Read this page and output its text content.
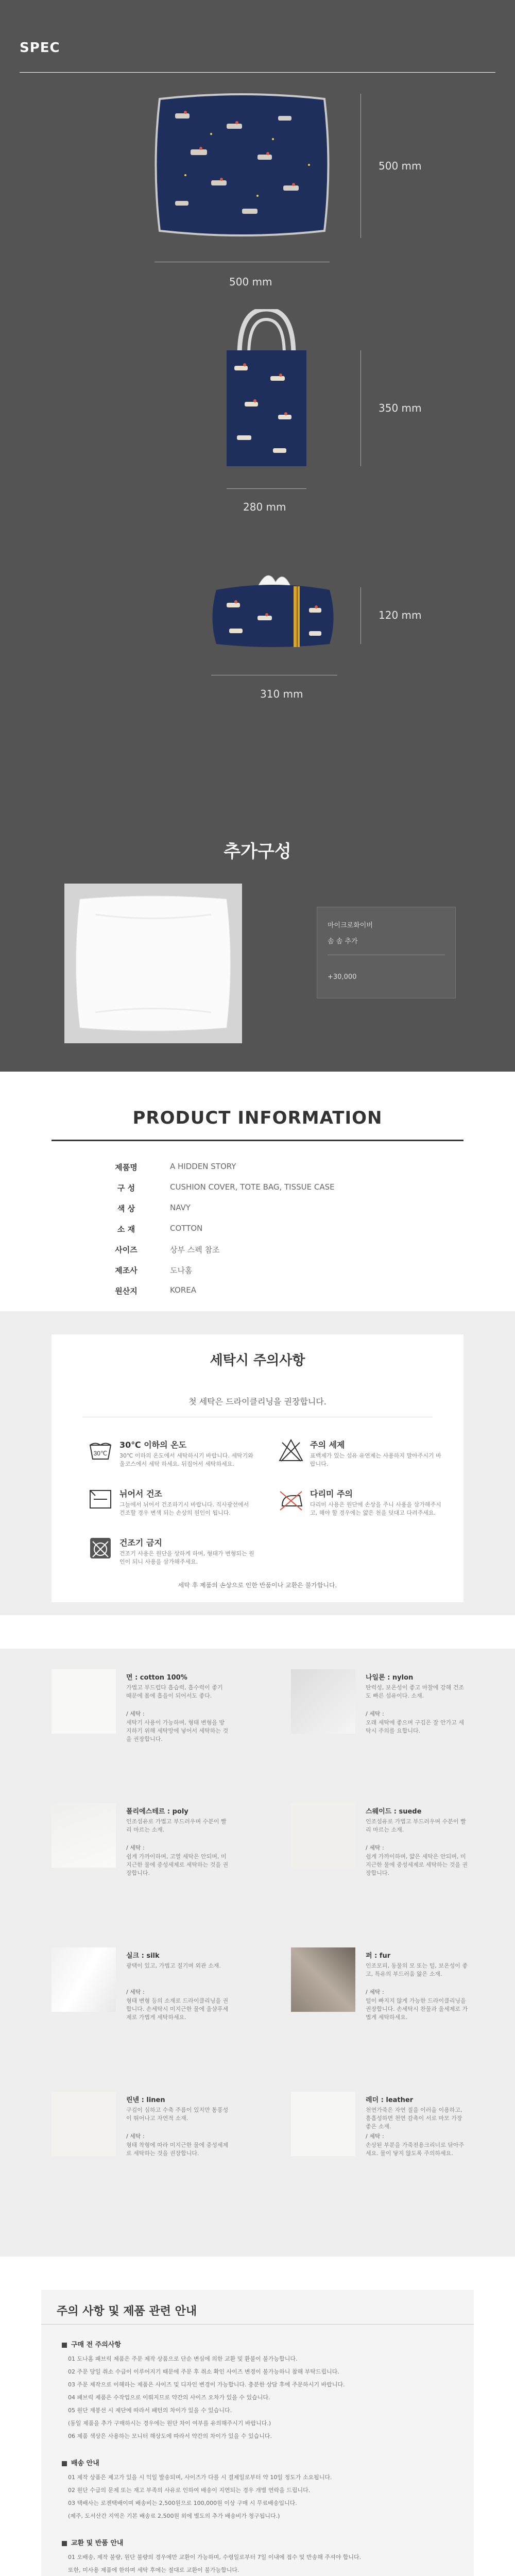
SPEC
500 mm
500 mm
350 mm
280 mm
120 mm
310 mm
추가구성
마이크로화이버
솜 솜 추가
+30,000
PRODUCT INFORMATION
제품명	A HIDDEN STORY
구 성	CUSHION COVER, TOTE BAG, TISSUE CASE
색 상	NAVY
소 재	COTTON
사이즈	상부 스펙 참조
제조사	도나홈
원산지	KOREA
세탁시 주의사항
첫 세탁은 드라이클리닝을 권장합니다.
30℃
30℃ 이하의 온도
30℃ 이하의 온도에서 세탁하시기 바랍니다. 세탁기와 울코스에서 세탁 하세요. 뒤집어서 세탁하세요.
주의 세제
표백제가 있는 섬유 유연제는 사용하지 말아주시기 바랍니다.
뉘어서 건조
그늘에서 뉘어서 건조하기시 바랍니다. 직사광선에서 건조할 경우 변색 되는 손상의 원인이 됩니다.
다리미 주의
다리미 사용은 원단에 손상을 주니 사용을 삼가해주시고, 해야 할 경우에는 얇은 천을 덧대고 다려주세요.
건조기 금지
건조기 사용은 원단을 상하게 하며, 형태가 변형되는 원인이 되니 사용을 삼가해주세요.
세탁 후 제품의 손상으로 인한 반품이나 교환은 불가합니다.
면 : cotton 100%
가볍고 부드럽다 흡습력, 흡수력이 좋기 때문에 몸에 흡을이 되어서도 좋다.
/ 세탁 :
세탁기 사용이 가능하며, 형태 변형을 방지하기 위해 세탁망에 넣어서 세탁하는 것을 권장합니다.
나일론 : nylon
탄력성, 보온성이 좋고 마찰에 강해 건조도 빠른 섬유이다. 소재.
/ 세탁 :
오래 세탁에 좋으며 구김은 잘 안가고 세탁시 주의를 요합니다.
폴리에스테르 : poly
인조섬유로 가볍고 부드러우며 수분이 빨리 마르는 소재.
/ 세탁 :
쉽게 가까이하며, 고열 세탁은 안되며, 미지근한 물에 중성세제로 세탁하는 것을 권장합니다.
스웨이드 : suede
인조섬유로 가볍고 부드러우며 수분이 빨리 마르는 소재.
/ 세탁 :
쉽게 가까이하며, 얇은 세탁은 안되며, 미지근한 물에 중성세제로 세탁하는 것을 권장합니다.
실크 : silk
광택이 있고, 가볍고 질기며 외관 소재.
/ 세탁 :
형태 변형 등의 소재로 드라이클리닝을 권합니다. 손세탁시 미지근한 물에 울샴푸세제로 가볍게 세탁하세요.
퍼 : fur
인조모피, 동물의 모 또는 털, 보온성이 좋고, 특유의 부드러움 앓은 소재.
/ 세탁 :
털이 빠지지 않게 가능한 드라이클리닝을 권장합니다. 손세탁시 찬물과 울세제로 가볍게 세탁하세요.
린넨 : linen
구김이 심하고 수축 주름이 있지만 통풍성이 뛰어나고 자연적 소재.
/ 세탁 :
형태 착형에 따라 미지근한 물에 중성세제로 세탁하는 것을 권장합니다.
레더 : leather
천연가죽은 자연 질을 이러올 이용하고, 흥흡성하면 천연 감촉이 서로 마모 가장 좋은 소재.
/ 세탁 :
손상된 부분을 가죽전용크리너로 닦아주세요. 물이 닿지 않도록 주의하세요.
주의 사항 및 제품 관련 안내
구매 전 주의사항
01 도나홈 패브릭 제품은 주문 제작 상품으로 단순 변심에 의한 교환 및 환불이 불가능합니다.
02 주문 당일 취소 수급이 이루어지기 때문에 주문 후 취소 확인 사이즈 변경이 불가능하니 참해 부탁드립니다.
03 주문 제작으로 이해하는 제품은 사이즈 및 디자인 변경이 가능합니다. 충분한 상담 후에 주문하시기 바랍니다.
04 패브릭 제품은 수작업으로 이뤄지므로 약간의 사이즈 오차가 있을 수 있습니다.
05 원단 재봉선 시 제단에 따라서 패턴의 차이가 있을 수 있습니다.
(동일 제품을 추가 구매하시는 경우에는 원단 차이 여부를 유의해주시기 바랍니다.)
06 제품 색상은 사용하는 모니터 해상도에 따라서 약간의 차이가 있을 수 있습니다.
배송 안내
01 제작 상품은 제고가 있을 시 익일 발송되며, 사이즈가 다를 시 결제일로부터 약 10일 정도가 소요됩니다.
02 원단 수급의 문제 또는 재고 부족의 사유로 인하여 배송이 지연되는 경우 개별 연락을 드립니다.
03 택배사는 로젠택배이며 배송비는 2,500원으로 100,000원 이상 구매 시 무료배송입니다.
(제주, 도서산간 지역은 기본 배송료 2,500원 외에 별도의 추가 배송비가 청구됩니다.)
교환 및 반품 안내
01 오배송, 제작 불량, 원단 불량의 경우에만 교환이 가능하며, 수령일로부터 7일 이내에 접수 및 반송해 주셔야 합니다.
또한, 미사용 제품에 한하며 세탁 후에는 절대로 교환이 불가능합니다.
